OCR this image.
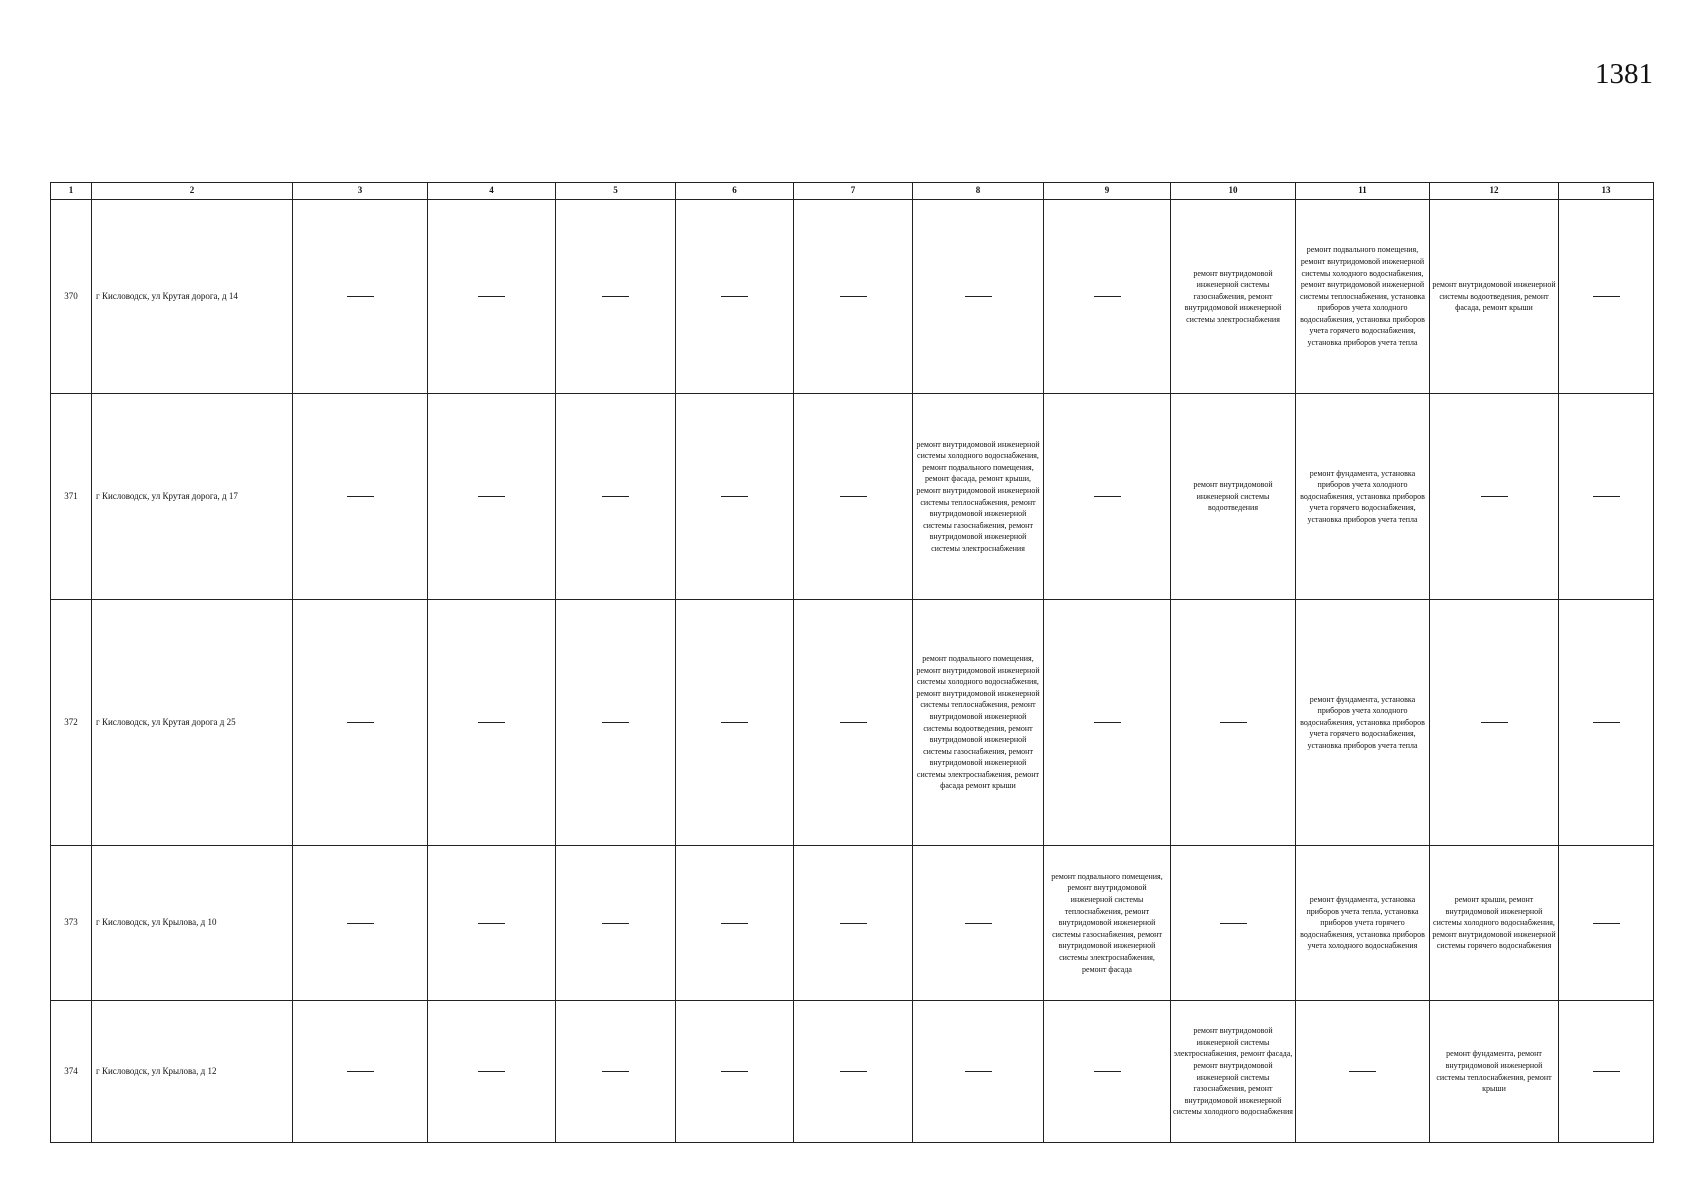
1381
1	2	3	4	5	6	7	8	9	10	11	12	13
370	г Кисловодск, ул Крутая дорога, д 14								ремонт внутридомовой инженерной системы газоснабжения, ремонт внутридомовой инженерной системы электроснабжения	ремонт подвального помещения, ремонт внутридомовой инженерной системы холодного водоснабжения, ремонт внутридомовой инженерной системы теплоснабжения, установка приборов учета холодного водоснабжения, установка приборов учета горячего водоснабжения, установка приборов учета тепла	ремонт внутридомовой инженерной системы водоотведения, ремонт фасада, ремонт крыши	
371	г Кисловодск, ул Крутая дорога, д 17						ремонт внутридомовой инженерной системы холодного водоснабжения, ремонт подвального помещения, ремонт фасада, ремонт крыши, ремонт внутридомовой инженерной системы теплоснабжения, ремонт внутридомовой инженерной системы газоснабжения, ремонт внутридомовой инженерной системы электроснабжения		ремонт внутридомовой инженерной системы водоотведения	ремонт фундамента, установка приборов учета холодного водоснабжения, установка приборов учета горячего водоснабжения, установка приборов учета тепла		
372	г Кисловодск, ул Крутая дорога д 25						ремонт подвального помещения, ремонт внутридомовой инженерной системы холодного водоснабжения, ремонт внутридомовой инженерной системы теплоснабжения, ремонт внутридомовой инженерной системы водоотведения, ремонт внутридомовой инженерной системы газоснабжения, ремонт внутридомовой инженерной системы электроснабжения, ремонт фасада ремонт крыши			ремонт фундамента, установка приборов учета холодного водоснабжения, установка приборов учета горячего водоснабжения, установка приборов учета тепла		
373	г Кисловодск, ул Крылова, д 10							ремонт подвального помещения, ремонт внутридомовой инженерной системы теплоснабжения, ремонт внутридомовой инженерной системы газоснабжения, ремонт внутридомовой инженерной системы электроснабжения, ремонт фасада		ремонт фундамента, установка приборов учета тепла, установка приборов учета горячего водоснабжения, установка приборов учета холодного водоснабжения	ремонт крыши, ремонт внутридомовой инженерной системы холодного водоснабжения, ремонт внутридомовой инженерной системы горячего водоснабжения	
374	г Кисловодск, ул Крылова, д 12								ремонт внутридомовой инженерной системы электроснабжения, ремонт фасада, ремонт внутридомовой инженерной системы газоснабжения, ремонт внутридомовой инженерной системы холодного водоснабжения		ремонт фундамента, ремонт внутридомовой инженерной системы теплоснабжения, ремонт крыши	
